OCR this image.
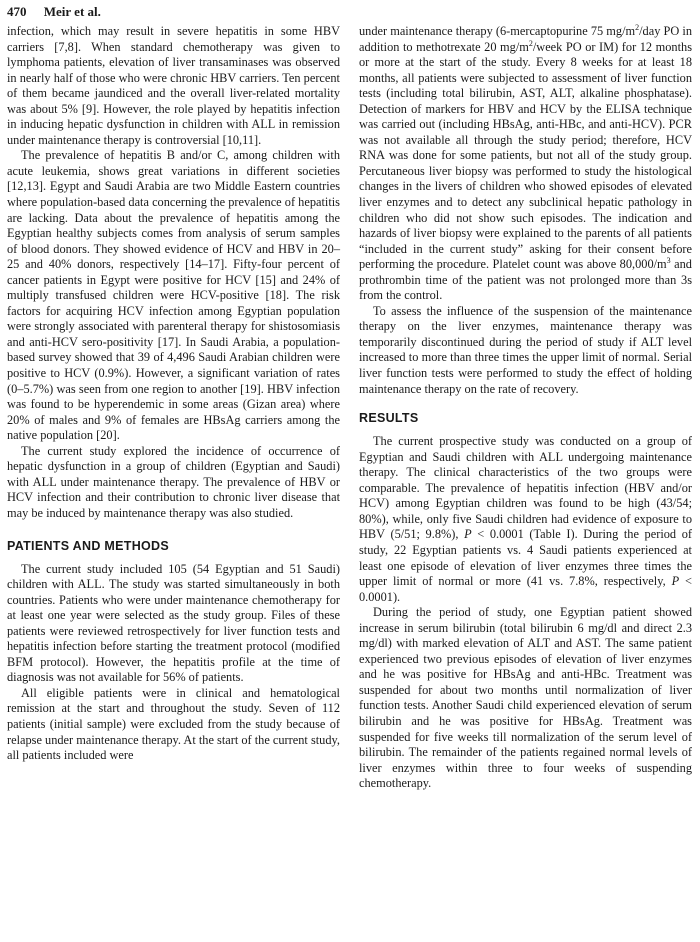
470 Meir et al.

infection, which may result in severe hepatitis in some HBV carriers [7,8]. When standard chemotherapy was given to lymphoma patients, elevation of liver transaminases was observed in nearly half of those who were chronic HBV carriers. Ten percent of them became jaundiced and the overall liver-related mortality was about 5% [9]. However, the role played by hepatitis infection in inducing hepatic dysfunction in children with ALL in remission under maintenance therapy is controversial [10,11].

The prevalence of hepatitis B and/or C, among children with acute leukemia, shows great variations in different societies [12,13]. Egypt and Saudi Arabia are two Middle Eastern countries where population-based data concerning the prevalence of hepatitis are lacking. Data about the prevalence of hepatitis among the Egyptian healthy subjects comes from analysis of serum samples of blood donors. They showed evidence of HCV and HBV in 20–25 and 40% donors, respectively [14–17]. Fifty-four percent of cancer patients in Egypt were positive for HCV [15] and 24% of multiply transfused children were HCV-positive [18]. The risk factors for acquiring HCV infection among Egyptian population were strongly associated with parenteral therapy for shistosomiasis and anti-HCV sero-positivity [17]. In Saudi Arabia, a population-based survey showed that 39 of 4,496 Saudi Arabian children were positive to HCV (0.9%). However, a significant variation of rates (0–5.7%) was seen from one region to another [19]. HBV infection was found to be hyperendemic in some areas (Gizan area) where 20% of males and 9% of females are HBsAg carriers among the native population [20].

The current study explored the incidence of occurrence of hepatic dysfunction in a group of children (Egyptian and Saudi) with ALL under maintenance therapy. The prevalence of HBV or HCV infection and their contribution to chronic liver disease that may be induced by maintenance therapy was also studied.

PATIENTS AND METHODS

The current study included 105 (54 Egyptian and 51 Saudi) children with ALL. The study was started simultaneously in both countries. Patients who were under maintenance chemotherapy for at least one year were selected as the study group. Files of these patients were reviewed retrospectively for liver function tests and hepatitis infection before starting the treatment protocol (modified BFM protocol). However, the hepatitis profile at the time of diagnosis was not available for 56% of patients.

All eligible patients were in clinical and hematological remission at the start and throughout the study. Seven of 112 patients (initial sample) were excluded from the study because of relapse under maintenance therapy. At the start of the current study, all patients included were

under maintenance therapy (6-mercaptopurine 75 $mg/m^2$/day PO in addition to methotrexate 20 $mg/m^2$/week PO or IM) for 12 months or more at the start of the study. Every 8 weeks for at least 18 months, all patients were subjected to assessment of liver function tests (including total bilirubin, AST, ALT, alkaline phosphatase). Detection of markers for HBV and HCV by the ELISA technique was carried out (including HBsAg, anti-HBc, and anti-HCV). PCR was not available all through the study period; therefore, HCV RNA was done for some patients, but not all of the study group. Percutaneous liver biopsy was performed to study the histological changes in the livers of children who showed episodes of elevated liver enzymes and to detect any subclinical hepatic pathology in children who did not show such episodes. The indication and hazards of liver biopsy were explained to the parents of all patients “included in the current study” asking for their consent before performing the procedure. Platelet count was above $80,000/m^3$ and prothrombin time of the patient was not prolonged more than 3s from the control.

To assess the influence of the suspension of the maintenance therapy on the liver enzymes, maintenance therapy was temporarily discontinued during the period of study if ALT level increased to more than three times the upper limit of normal. Serial liver function tests were performed to study the effect of holding maintenance therapy on the rate of recovery.

RESULTS

The current prospective study was conducted on a group of Egyptian and Saudi children with ALL undergoing maintenance therapy. The clinical characteristics of the two groups were comparable. The prevalence of hepatitis infection (HBV and/or HCV) among Egyptian children was found to be high (43/54; 80%), while, only five Saudi children had evidence of exposure to HBV (5/51; 9.8%), P < 0.0001 (Table I). During the period of study, 22 Egyptian patients vs. 4 Saudi patients experienced at least one episode of elevation of liver enzymes three times the upper limit of normal or more (41 vs. 7.8%, respectively, P < 0.0001).

During the period of study, one Egyptian patient showed increase in serum bilirubin (total bilirubin 6 mg/dl and direct 2.3 mg/dl) with marked elevation of ALT and AST. The same patient experienced two previous episodes of elevation of liver enzymes and he was positive for HBsAg and anti-HBc. Treatment was suspended for about two months until normalization of liver function tests. Another Saudi child experienced elevation of serum bilirubin and he was positive for HBsAg. Treatment was suspended for five weeks till normalization of the serum level of bilirubin. The remainder of the patients regained normal levels of liver enzymes within three to four weeks of suspending chemotherapy.
